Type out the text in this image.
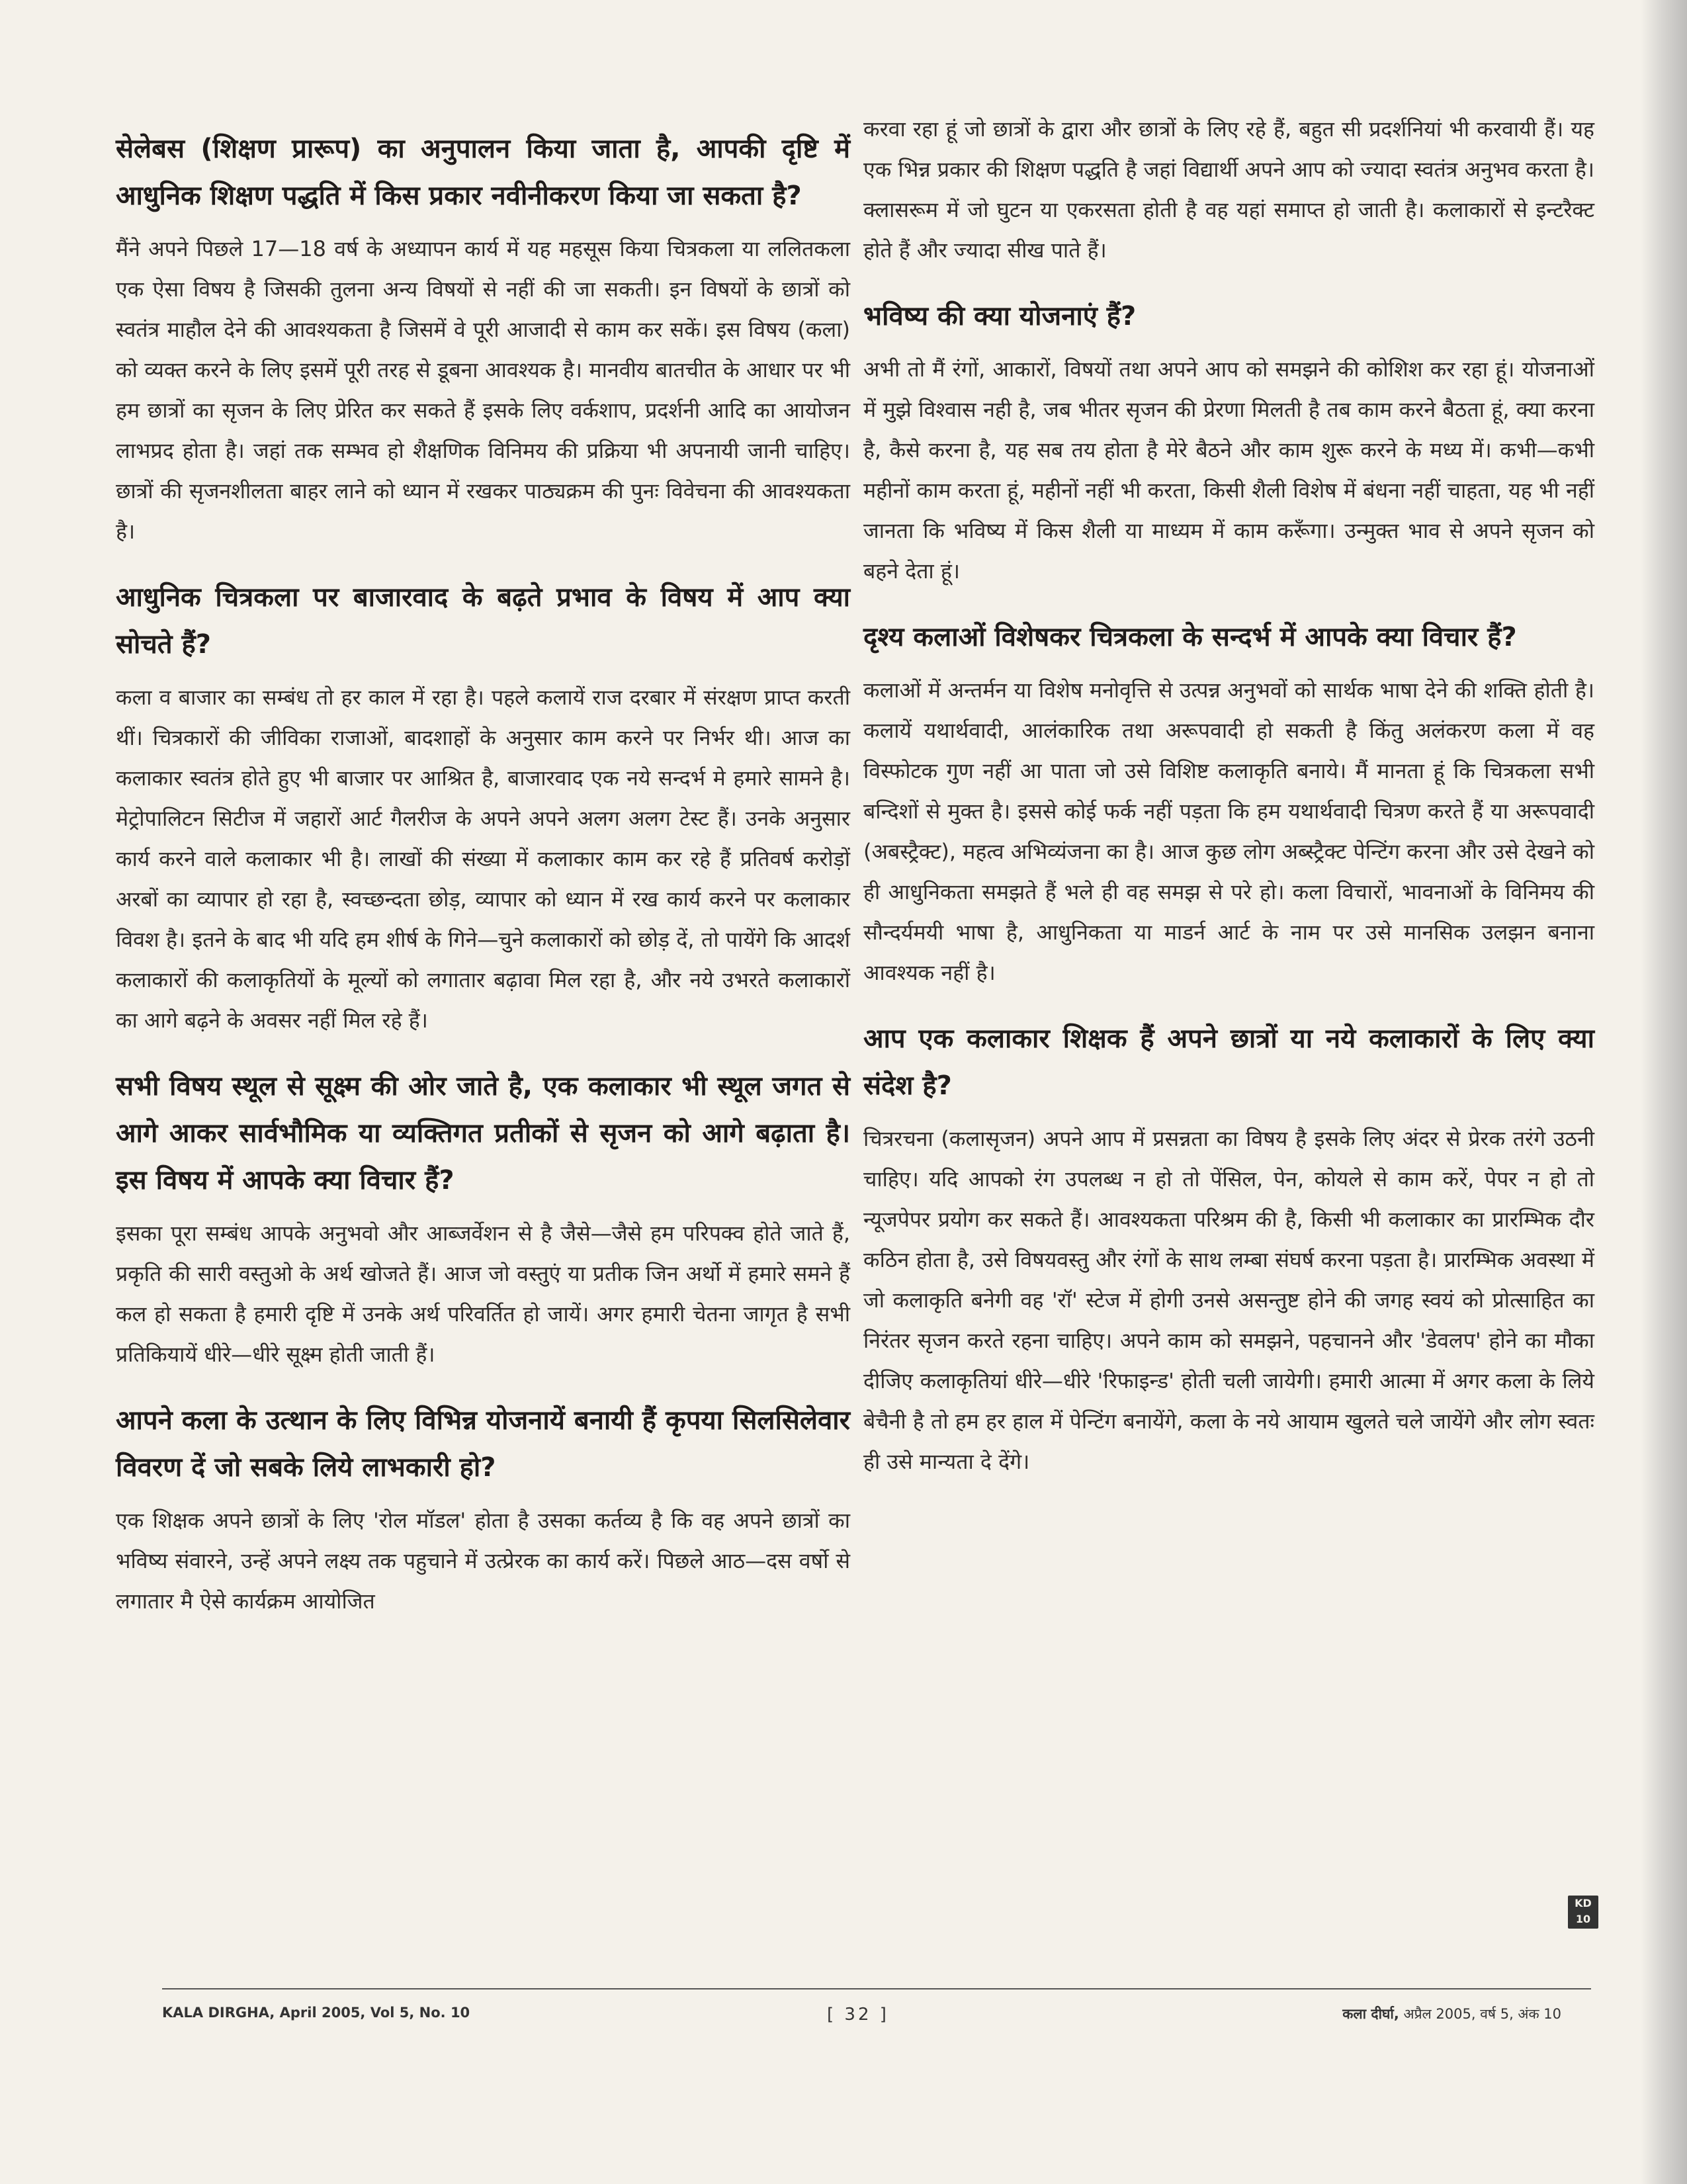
सेलेबस (शिक्षण प्रारूप) का अनुपालन किया जाता है, आपकी दृष्टि में आधुनिक शिक्षण पद्धति में किस प्रकार नवीनीकरण किया जा सकता है?

मैंने अपने पिछले 17—18 वर्ष के अध्यापन कार्य में यह महसूस किया चित्रकला या ललितकला एक ऐसा विषय है जिसकी तुलना अन्य विषयों से नहीं की जा सकती। इन विषयों के छात्रों को स्वतंत्र माहौल देने की आवश्यकता है जिसमें वे पूरी आजादी से काम कर सकें। इस विषय (कला) को व्यक्त करने के लिए इसमें पूरी तरह से डूबना आवश्यक है। मानवीय बातचीत के आधार पर भी हम छात्रों का सृजन के लिए प्रेरित कर सकते हैं इसके लिए वर्कशाप, प्रदर्शनी आदि का आयोजन लाभप्रद होता है। जहां तक सम्भव हो शैक्षणिक विनिमय की प्रक्रिया भी अपनायी जानी चाहिए। छात्रों की सृजनशीलता बाहर लाने को ध्यान में रखकर पाठ्यक्रम की पुनः विवेचना की आवश्यकता है।

आधुनिक चित्रकला पर बाजारवाद के बढ़ते प्रभाव के विषय में आप क्या सोचते हैं?

कला व बाजार का सम्बंध तो हर काल में रहा है। पहले कलायें राज दरबार में संरक्षण प्राप्त करती थीं। चित्रकारों की जीविका राजाओं, बादशाहों के अनुसार काम करने पर निर्भर थी। आज का कलाकार स्वतंत्र होते हुए भी बाजार पर आश्रित है, बाजारवाद एक नये सन्दर्भ मे हमारे सामने है। मेट्रोपालिटन सिटीज में जहारों आर्ट गैलरीज के अपने अपने अलग अलग टेस्ट हैं। उनके अनुसार कार्य करने वाले कलाकार भी है। लाखों की संख्या में कलाकार काम कर रहे हैं प्रतिवर्ष करोड़ों अरबों का व्यापार हो रहा है, स्वच्छन्दता छोड़, व्यापार को ध्यान में रख कार्य करने पर कलाकार विवश है। इतने के बाद भी यदि हम शीर्ष के गिने—चुने कलाकारों को छोड़ दें, तो पायेंगे कि आदर्श कलाकारों की कलाकृतियों के मूल्यों को लगातार बढ़ावा मिल रहा है, और नये उभरते कलाकारों का आगे बढ़ने के अवसर नहीं मिल रहे हैं।

सभी विषय स्थूल से सूक्ष्म की ओर जाते है, एक कलाकार भी स्थूल जगत से आगे आकर सार्वभौमिक या व्यक्तिगत प्रतीकों से सृजन को आगे बढ़ाता है। इस विषय में आपके क्या विचार हैं?

इसका पूरा सम्बंध आपके अनुभवो और आब्जर्वेशन से है जैसे—जैसे हम परिपक्व होते जाते हैं, प्रकृति की सारी वस्तुओ के अर्थ खोजते हैं। आज जो वस्तुएं या प्रतीक जिन अर्थो में हमारे समने हैं कल हो सकता है हमारी दृष्टि में उनके अर्थ परिवर्तित हो जायें। अगर हमारी चेतना जागृत है सभी प्रतिकियायें धीरे—धीरे सूक्ष्म होती जाती हैं।

आपने कला के उत्थान के लिए विभिन्न योजनायें बनायी हैं कृपया सिलसिलेवार विवरण दें जो सबके लिये लाभकारी हो?

एक शिक्षक अपने छात्रों के लिए 'रोल मॉडल' होता है उसका कर्तव्य है कि वह अपने छात्रों का भविष्य संवारने, उन्हें अपने लक्ष्य तक पहुचाने में उत्प्रेरक का कार्य करें। पिछले आठ—दस वर्षो से लगातार मै ऐसे कार्यक्रम आयोजित

करवा रहा हूं जो छात्रों के द्वारा और छात्रों के लिए रहे हैं, बहुत सी प्रदर्शनियां भी करवायी हैं। यह एक भिन्न प्रकार की शिक्षण पद्धति है जहां विद्यार्थी अपने आप को ज्यादा स्वतंत्र अनुभव करता है। क्लासरूम में जो घुटन या एकरसता होती है वह यहां समाप्त हो जाती है। कलाकारों से इन्टरैक्ट होते हैं और ज्यादा सीख पाते हैं।

भविष्य की क्या योजनाएं हैं?

अभी तो मैं रंगों, आकारों, विषयों तथा अपने आप को समझने की कोशिश कर रहा हूं। योजनाओं में मुझे विश्वास नही है, जब भीतर सृजन की प्रेरणा मिलती है तब काम करने बैठता हूं, क्या करना है, कैसे करना है, यह सब तय होता है मेरे बैठने और काम शुरू करने के मध्य में। कभी—कभी महीनों काम करता हूं, महीनों नहीं भी करता, किसी शैली विशेष में बंधना नहीं चाहता, यह भी नहीं जानता कि भविष्य में किस शैली या माध्यम में काम करूँगा। उन्मुक्त भाव से अपने सृजन को बहने देता हूं।

दृश्य कलाओं विशेषकर चित्रकला के सन्दर्भ में आपके क्या विचार हैं?

कलाओं में अन्तर्मन या विशेष मनोवृत्ति से उत्पन्न अनुभवों को सार्थक भाषा देने की शक्ति होती है। कलायें यथार्थवादी, आलंकारिक तथा अरूपवादी हो सकती है किंतु अलंकरण कला में वह विस्फोटक गुण नहीं आ पाता जो उसे विशिष्ट कलाकृति बनाये। मैं मानता हूं कि चित्रकला सभी बन्दिशों से मुक्त है। इससे कोई फर्क नहीं पड़ता कि हम यथार्थवादी चित्रण करते हैं या अरूपवादी (अबस्ट्रैक्ट), महत्व अभिव्यंजना का है। आज कुछ लोग अब्स्ट्रैक्ट पेन्टिंग करना और उसे देखने को ही आधुनिकता समझते हैं भले ही वह समझ से परे हो। कला विचारों, भावनाओं के विनिमय की सौन्दर्यमयी भाषा है, आधुनिकता या माडर्न आर्ट के नाम पर उसे मानसिक उलझन बनाना आवश्यक नहीं है।

आप एक कलाकार शिक्षक हैं अपने छात्रों या नये कलाकारों के लिए क्या संदेश है?

चित्ररचना (कलासृजन) अपने आप में प्रसन्नता का विषय है इसके लिए अंदर से प्रेरक तरंगे उठनी चाहिए। यदि आपको रंग उपलब्ध न हो तो पेंसिल, पेन, कोयले से काम करें, पेपर न हो तो न्यूजपेपर प्रयोग कर सकते हैं। आवश्यकता परिश्रम की है, किसी भी कलाकार का प्रारम्भिक दौर कठिन होता है, उसे विषयवस्तु और रंगों के साथ लम्बा संघर्ष करना पड़ता है। प्रारम्भिक अवस्था में जो कलाकृति बनेगी वह 'रॉ' स्टेज में होगी उनसे असन्तुष्ट होने की जगह स्वयं को प्रोत्साहित का निरंतर सृजन करते रहना चाहिए। अपने काम को समझने, पहचानने और 'डेवलप' होने का मौका दीजिए कलाकृतियां धीरे—धीरे 'रिफाइन्ड' होती चली जायेगी। हमारी आत्मा में अगर कला के लिये बेचैनी है तो हम हर हाल में पेन्टिंग बनायेंगे, कला के नये आयाम खुलते चले जायेंगे और लोग स्वतः ही उसे मान्यता दे देंगे।

KD
10
KALA DIRGHA, April 2005, Vol 5, No. 10	[ 32 ]	कला दीर्घा, अप्रैल 2005, वर्ष 5, अंक 10
